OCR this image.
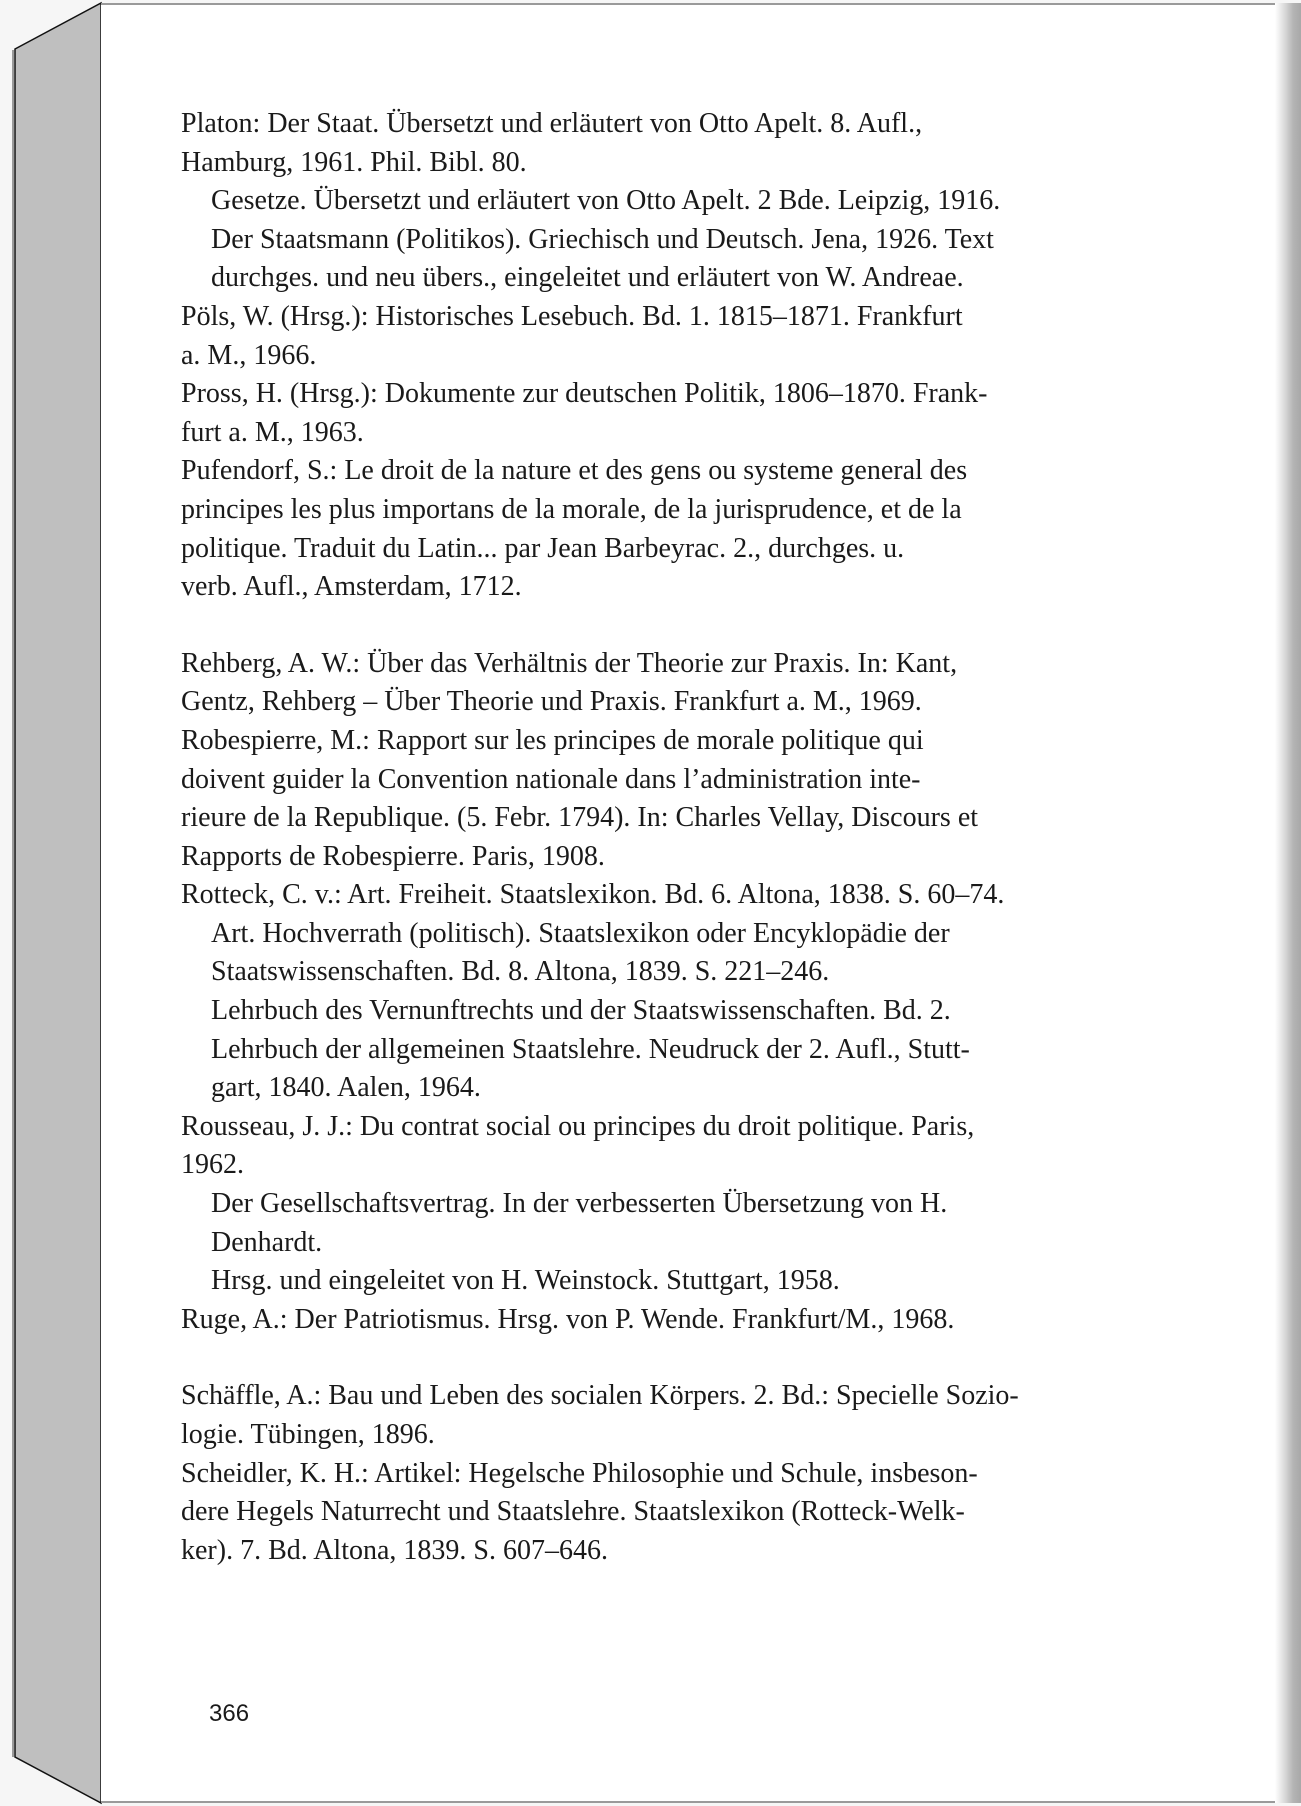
Platon: Der Staat. Übersetzt und erläutert von Otto Apelt. 8. Aufl.,
Hamburg, 1961. Phil. Bibl. 80.
Gesetze. Übersetzt und erläutert von Otto Apelt. 2 Bde. Leipzig, 1916.
Der Staatsmann (Politikos). Griechisch und Deutsch. Jena, 1926. Text
durchges. und neu übers., eingeleitet und erläutert von W. Andreae.
Pöls, W. (Hrsg.): Historisches Lesebuch. Bd. 1. 1815–1871. Frankfurt
a. M., 1966.
Pross, H. (Hrsg.): Dokumente zur deutschen Politik, 1806–1870. Frank-
furt a. M., 1963.
Pufendorf, S.: Le droit de la nature et des gens ou systeme general des
principes les plus importans de la morale, de la jurisprudence, et de la
politique. Traduit du Latin... par Jean Barbeyrac. 2., durchges. u.
verb. Aufl., Amsterdam, 1712.
Rehberg, A. W.: Über das Verhältnis der Theorie zur Praxis. In: Kant,
Gentz, Rehberg – Über Theorie und Praxis. Frankfurt a. M., 1969.
Robespierre, M.: Rapport sur les principes de morale politique qui
doivent guider la Convention nationale dans l’administration inte-
rieure de la Republique. (5. Febr. 1794). In: Charles Vellay, Discours et
Rapports de Robespierre. Paris, 1908.
Rotteck, C. v.: Art. Freiheit. Staatslexikon. Bd. 6. Altona, 1838. S. 60–74.
Art. Hochverrath (politisch). Staatslexikon oder Encyklopädie der
Staatswissenschaften. Bd. 8. Altona, 1839. S. 221–246.
Lehrbuch des Vernunftrechts und der Staatswissenschaften. Bd. 2.
Lehrbuch der allgemeinen Staatslehre. Neudruck der 2. Aufl., Stutt-
gart, 1840. Aalen, 1964.
Rousseau, J. J.: Du contrat social ou principes du droit politique. Paris,
1962.
Der Gesellschaftsvertrag. In der verbesserten Übersetzung von H.
Denhardt.
Hrsg. und eingeleitet von H. Weinstock. Stuttgart, 1958.
Ruge, A.: Der Patriotismus. Hrsg. von P. Wende. Frankfurt/M., 1968.
Schäffle, A.: Bau und Leben des socialen Körpers. 2. Bd.: Specielle Sozio-
logie. Tübingen, 1896.
Scheidler, K. H.: Artikel: Hegelsche Philosophie und Schule, insbeson-
dere Hegels Naturrecht und Staatslehre. Staatslexikon (Rotteck-Welk-
ker). 7. Bd. Altona, 1839. S. 607–646.
366
